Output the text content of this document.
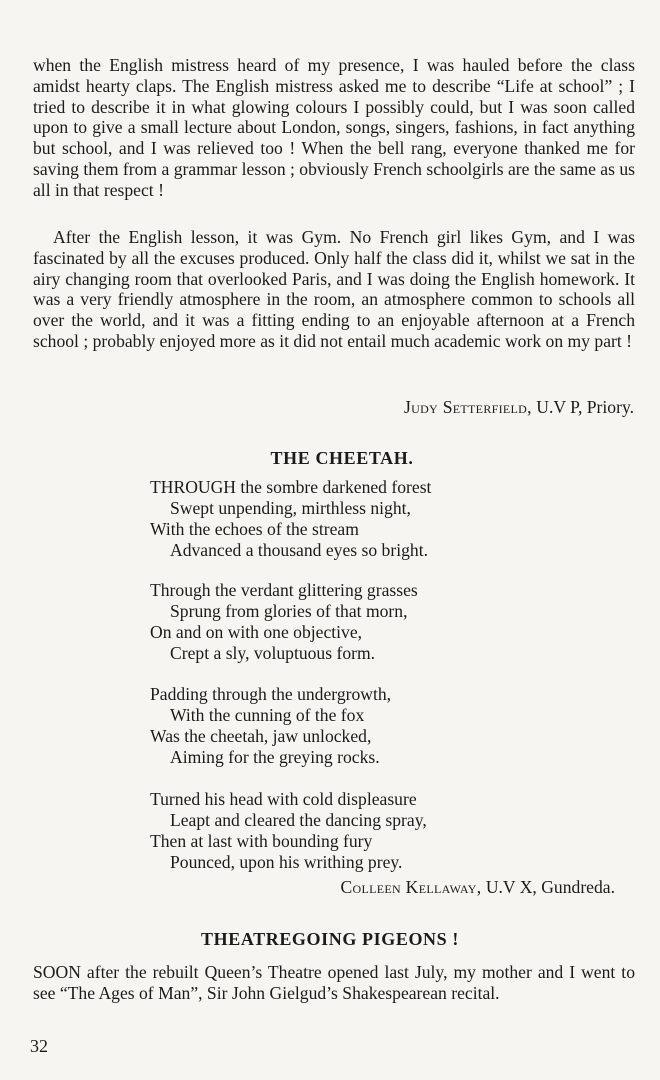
when the English mistress heard of my presence, I was hauled before the class amidst hearty claps. The English mistress asked me to describe “Life at school” ; I tried to describe it in what glowing colours I possibly could, but I was soon called upon to give a small lecture about London, songs, singers, fashions, in fact anything but school, and I was relieved too ! When the bell rang, everyone thanked me for saving them from a grammar lesson ; obviously French schoolgirls are the same as us all in that respect !

After the English lesson, it was Gym. No French girl likes Gym, and I was fascinated by all the excuses produced. Only half the class did it, whilst we sat in the airy changing room that overlooked Paris, and I was doing the English homework. It was a very friendly atmosphere in the room, an atmosphere common to schools all over the world, and it was a fitting ending to an enjoyable afternoon at a French school ; probably enjoyed more as it did not entail much academic work on my part !

Judy Setterfield, U.V P, Priory.

THE CHEETAH.
THROUGH the sombre darkened forest
Swept unpending, mirthless night,
With the echoes of the stream
Advanced a thousand eyes so bright.
Through the verdant glittering grasses
Sprung from glories of that morn,
On and on with one objective,
Crept a sly, voluptuous form.
Padding through the undergrowth,
With the cunning of the fox
Was the cheetah, jaw unlocked,
Aiming for the greying rocks.
Turned his head with cold displeasure
Leapt and cleared the dancing spray,
Then at last with bounding fury
Pounced, upon his writhing prey.

Colleen Kellaway, U.V X, Gundreda.

THEATREGOING PIGEONS !

SOON after the rebuilt Queen’s Theatre opened last July, my mother and I went to see “The Ages of Man”, Sir John Gielgud’s Shakespearean recital.

32
